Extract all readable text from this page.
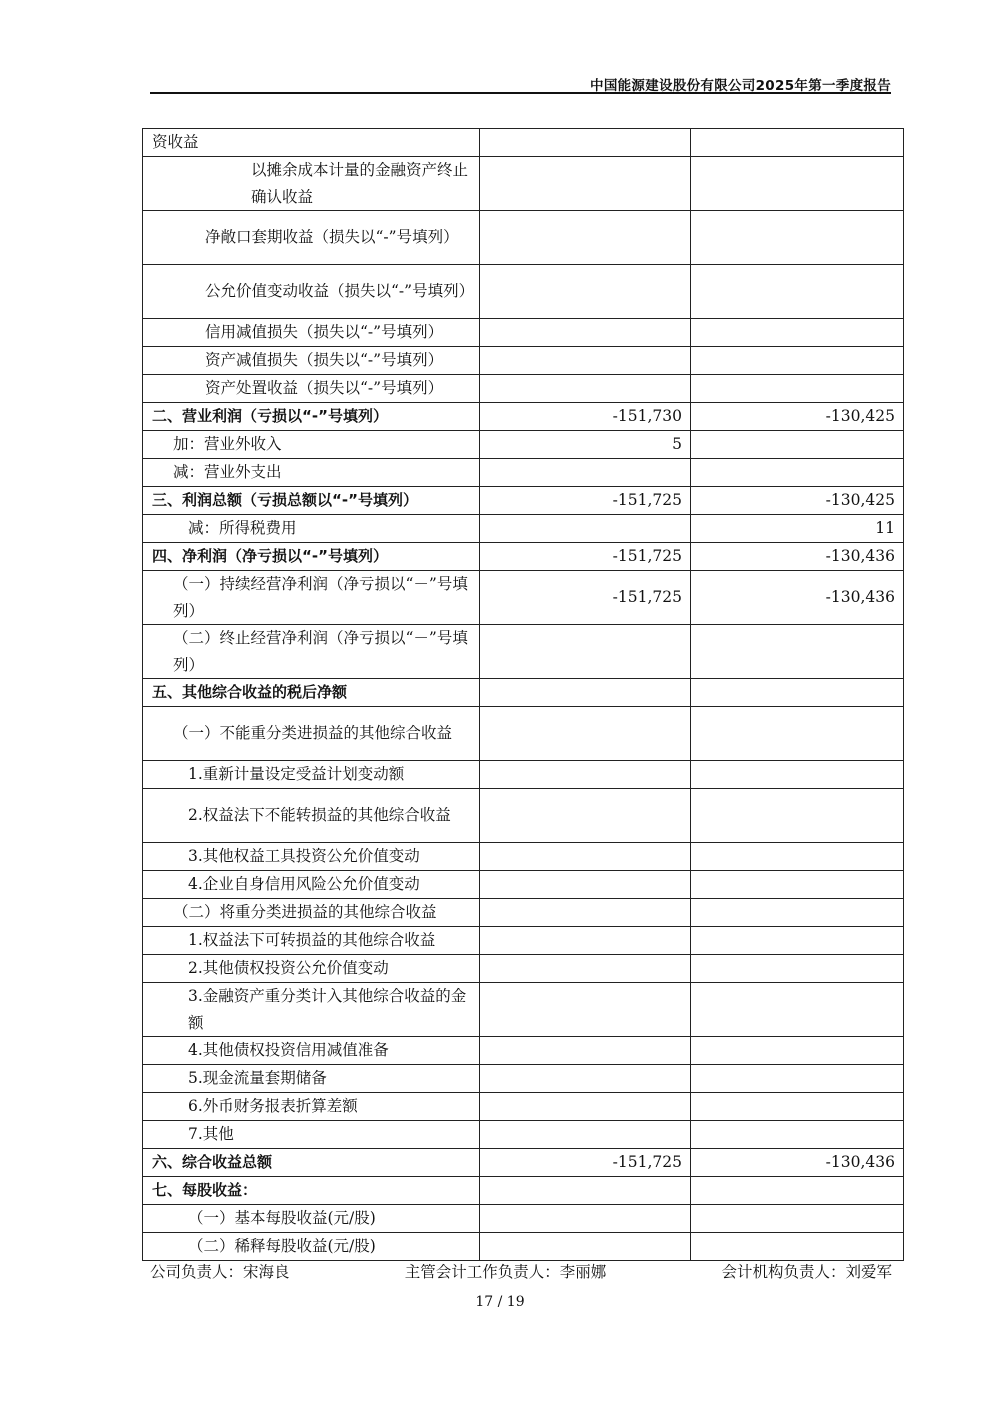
中国能源建设股份有限公司2025年第一季度报告
资收益		
以摊余成本计量的金融资产终止确认收益		
净敞口套期收益（损失以“-”号填列）		
公允价值变动收益（损失以“-”号填列）		
信用减值损失（损失以“-”号填列）		
资产减值损失（损失以“-”号填列）		
资产处置收益（损失以“-”号填列）		
二、营业利润（亏损以“-”号填列）	-151,730	-130,425
加：营业外收入	5	
减：营业外支出		
三、利润总额（亏损总额以“-”号填列）	-151,725	-130,425
减：所得税费用		11
四、净利润（净亏损以“-”号填列）	-151,725	-130,436
（一）持续经营净利润（净亏损以“－”号填列）	-151,725	-130,436
（二）终止经营净利润（净亏损以“－”号填列）		
五、其他综合收益的税后净额		
（一）不能重分类进损益的其他综合收益		
1.重新计量设定受益计划变动额		
2.权益法下不能转损益的其他综合收益		
3.其他权益工具投资公允价值变动		
4.企业自身信用风险公允价值变动		
（二）将重分类进损益的其他综合收益		
1.权益法下可转损益的其他综合收益		
2.其他债权投资公允价值变动		
3.金融资产重分类计入其他综合收益的金额		
4.其他债权投资信用减值准备		
5.现金流量套期储备		
6.外币财务报表折算差额		
7.其他		
六、综合收益总额	-151,725	-130,436
七、每股收益：		
（一）基本每股收益(元/股)		
（二）稀释每股收益(元/股)		
公司负责人：宋海良	主管会计工作负责人：李丽娜	会计机构负责人：刘爱军
17 / 19
